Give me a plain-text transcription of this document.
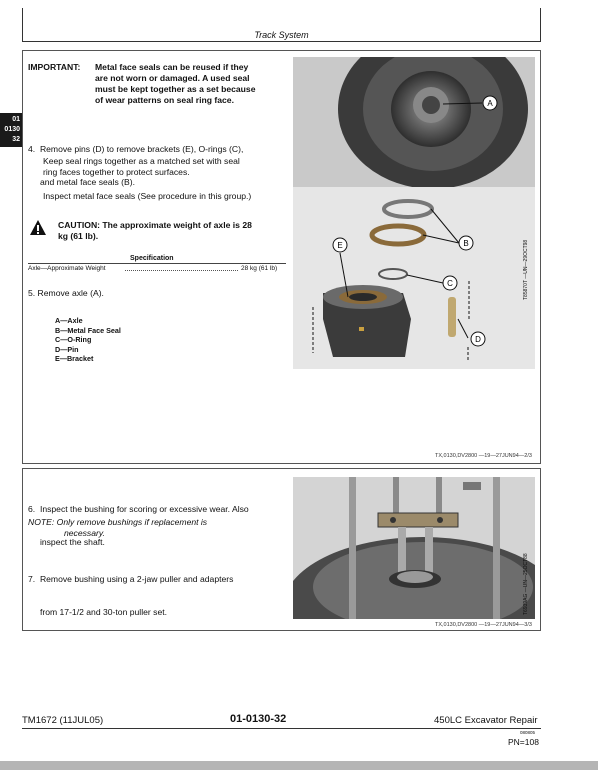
Track System
01
0130
32
IMPORTANT: Metal face seals can be reused if they
are not worn or damaged. A used seal
must be kept together as a set because
of wear patterns on seal ring face.

4.  Remove pins (D) to remove brackets (E), O-rings (C),

and metal face seals (B).

Keep seal rings together as a matched set with seal
ring faces together to protect surfaces.
Inspect metal face seals (See procedure in this group.)
CAUTION: The approximate weight of axle is 28
kg (61 lb).
Specification
Axle—Approximate Weight	28 kg (61 lb)
5. Remove axle (A).
A—Axle
B—Metal Face Seal
C—O-Ring
D—Pin
E—Bracket
A
B
C
D
E	T85870T —UN—29OCT98
TX,0130,DV2800 —19—27JUN94—2/3

6.  Inspect the bushing for scoring or excessive wear. Also

inspect the shaft.

NOTE: Only remove bushings if replacement is
necessary.

7.  Remove bushing using a 2-jaw puller and adapters

from 17-1/2 and 30-ton puller set.	T6939AG —UN—25OCT88
TX,0130,DV2800 —19—27JUN94—3/3
TM1672 (11JUL05)	01-0130-32	450LC Excavator Repair
080805
PN=108
